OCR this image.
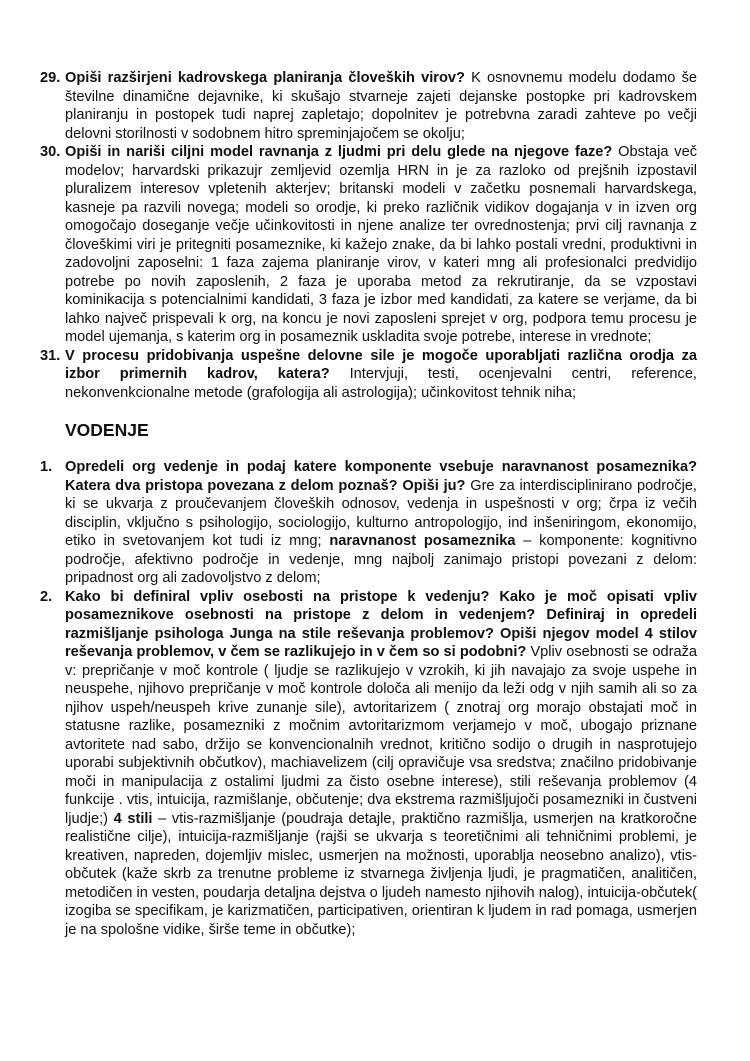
29. Opiši razširjeni kadrovskega planiranja človeških virov? K osnovnemu modelu dodamo še številne dinamične dejavnike, ki skušajo stvarneje zajeti dejanske postopke pri kadrovskem planiranju in postopek tudi naprej zapletajo; dopolnitev je potrebvna zaradi zahteve po večji delovni storilnosti v sodobnem hitro spreminjajočem se okolju;
30. Opiši in nariši ciljni model ravnanja z ljudmi pri delu glede na njegove faze? Obstaja več modelov; harvardski prikazujr zemljevid ozemlja HRN in je za razloko od prejšnih izpostavil pluralizem interesov vpletenih akterjev; britanski modeli v začetku posnemali harvardskega, kasneje pa razvili novega; modeli so orodje, ki preko različnik vidikov dogajanja v in izven org omogočajo doseganje večje učinkovitosti in njene analize ter ovrednostenja; prvi cilj ravnanja z človeškimi viri je pritegniti posameznike, ki kažejo znake, da bi lahko postali vredni, produktivni in zadovoljni zaposelni: 1 faza zajema planiranje virov, v kateri mng ali profesionalci predvidijo potrebe po novih zaposlenih, 2 faza je uporaba metod za rekrutiranje, da se vzpostavi kominikacija s potencialnimi kandidati, 3 faza je izbor med kandidati, za katere se verjame, da bi lahko največ prispevali k org, na koncu je novi zaposleni sprejet v org, podpora temu procesu je model ujemanja, s katerim org in posameznik uskladita svoje potrebe, interese in vrednote;
31. V procesu pridobivanja uspešne delovne sile je mogoče uporabljati različna orodja za izbor primernih kadrov, katera? Intervjuji, testi, ocenjevalni centri, reference, nekonvenkcionalne metode (grafologija ali astrologija); učinkovitost tehnik niha;
VODENJE
1. Opredeli org vedenje in podaj katere komponente vsebuje naravnanost posameznika? Katera dva pristopa povezana z delom poznaš? Opiši ju? Gre za interdisciplinirano področje, ki se ukvarja z proučevanjem človeških odnosov, vedenja in uspešnosti v org; črpa iz večih disciplin, vključno s psihologijo, sociologijo, kulturno antropologijo, ind inšeniringom, ekonomijo, etiko in svetovanjem kot tudi iz mng; naravnanost posameznika – komponente: kognitivno področje, afektivno področje in vedenje, mng najbolj zanimajo pristopi povezani z delom: pripadnost org ali zadovoljstvo z delom;
2. Kako bi definiral vpliv osebosti na pristope k vedenju? Kako je moč opisati vpliv posameznikove osebnosti na pristope z delom in vedenjem? Definiraj in opredeli razmišljanje psihologa Junga na stile reševanja problemov? Opiši njegov model 4 stilov reševanja problemov, v čem se razlikujejo in v čem so si podobni? Vpliv osebnosti se odraža v: prepričanje v moč kontrole ( ljudje se razlikujejo v vzrokih, ki jih navajajo za svoje uspehe in neuspehe, njihovo prepričanje v moč kontrole določa ali menijo da leži odg v njih samih ali so za njihov uspeh/neuspeh krive zunanje sile), avtoritarizem ( znotraj org morajo obstajati moč in statusne razlike, posamezniki z močnim avtoritarizmom verjamejo v moč, ubogajo priznane avtoritete nad sabo, držijo se konvencionalnih vrednot, kritično sodijo o drugih in nasprotujejo uporabi subjektivnih občutkov), machiavelizem (cilj opravičuje vsa sredstva; značilno pridobivanje moči in manipulacija z ostalimi ljudmi za čisto osebne interese), stili reševanja problemov (4 funkcije . vtis, intuicija, razmišlanje, občutenje; dva ekstrema razmišljujoči posamezniki in čustveni ljudje;) 4 stili – vtis-razmišljanje (poudraja detajle, praktično razmišlja, usmerjen na kratkoročne realistične cilje), intuicija-razmišljanje (rajši se ukvarja s teoretičnimi ali tehničnimi problemi, je kreativen, napreden, dojemljiv mislec, usmerjen na možnosti, uporablja neosebno analizo), vtis-občutek (kaže skrb za trenutne probleme iz stvarnega življenja ljudi, je pragmatičen, analitičen, metodičen in vesten, poudarja detaljna dejstva o ljudeh namesto njihovih nalog), intuicija-občutek( izogiba se specifikam, je karizmatičen, participativen, orientiran k ljudem in rad pomaga, usmerjen je na spološne vidike, širše teme in občutke);
